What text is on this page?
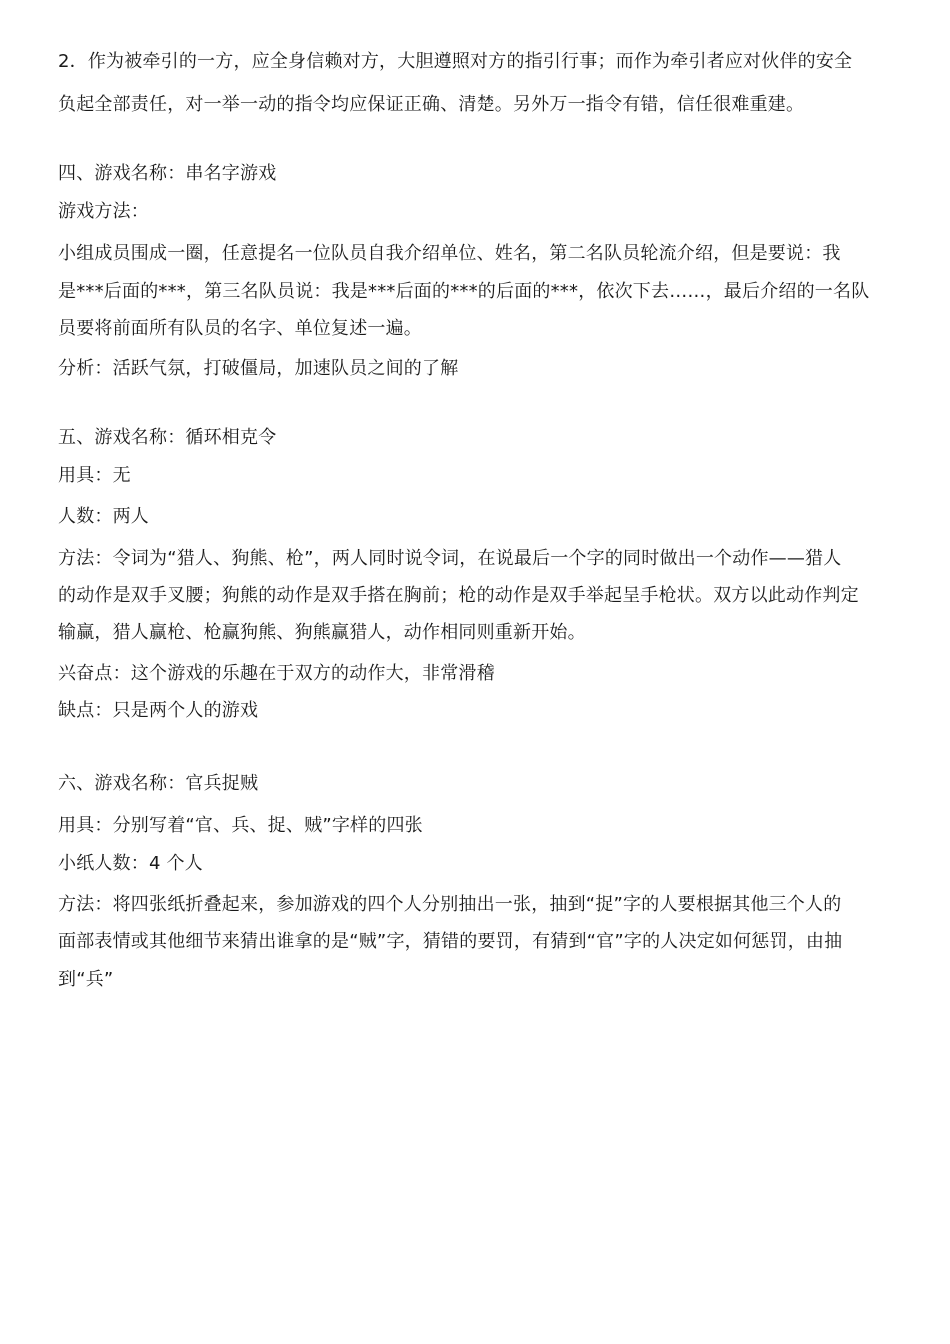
2．作为被牵引的一方，应全身信赖对方，大胆遵照对方的指引行事；而作为牵引者应对伙伴的安全
负起全部责任，对一举一动的指令均应保证正确、清楚。另外万一指令有错，信任很难重建。
四、游戏名称：串名字游戏
游戏方法：
小组成员围成一圈，任意提名一位队员自我介绍单位、姓名，第二名队员轮流介绍，但是要说：我
是***后面的***，第三名队员说：我是***后面的***的后面的***，依次下去……，最后介绍的一名队
员要将前面所有队员的名字、单位复述一遍。
分析：活跃气氛，打破僵局，加速队员之间的了解
五、游戏名称：循环相克令
用具：无
人数：两人
方法：令词为“猎人、狗熊、枪”，两人同时说令词，在说最后一个字的同时做出一个动作——猎人
的动作是双手叉腰；狗熊的动作是双手搭在胸前；枪的动作是双手举起呈手枪状。双方以此动作判定
输赢，猎人赢枪、枪赢狗熊、狗熊赢猎人，动作相同则重新开始。
兴奋点：这个游戏的乐趣在于双方的动作大，非常滑稽
缺点：只是两个人的游戏
六、游戏名称：官兵捉贼
用具：分别写着“官、兵、捉、贼”字样的四张
小纸人数：4 个人
方法：将四张纸折叠起来，参加游戏的四个人分别抽出一张，抽到“捉”字的人要根据其他三个人的
面部表情或其他细节来猜出谁拿的是“贼”字，猜错的要罚，有猜到“官”字的人决定如何惩罚，由抽
到“兵”
